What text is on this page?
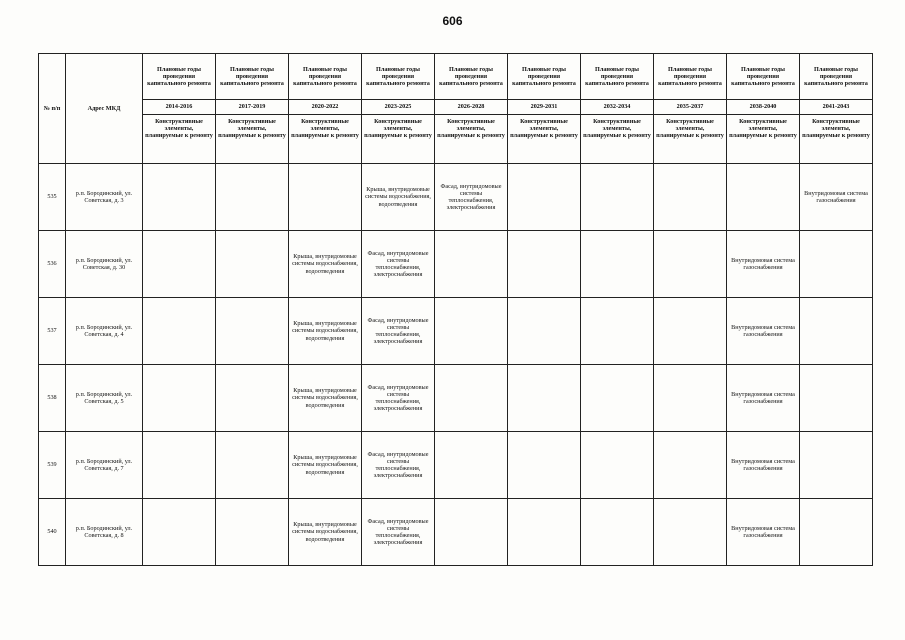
606
№ п/п	Адрес МКД	Плановые годы проведения капитального ремонта	Плановые годы проведения капитального ремонта	Плановые годы проведения капитального ремонта	Плановые годы проведения капитального ремонта	Плановые годы проведения капитального ремонта	Плановые годы проведения капитального ремонта	Плановые годы проведения капитального ремонта	Плановые годы проведения капитального ремонта	Плановые годы проведения капитального ремонта	Плановые годы проведения капитального ремонта
		2014-2016	2017-2019	2020-2022	2023-2025	2026-2028	2029-2031	2032-2034	2035-2037	2038-2040	2041-2043
		Конструктивные элементы, планируемые к ремонту	Конструктивные элементы, планируемые к ремонту	Конструктивные элементы, планируемые к ремонту	Конструктивные элементы, планируемые к ремонту	Конструктивные элементы, планируемые к ремонту	Конструктивные элементы, планируемые к ремонту	Конструктивные элементы, планируемые к ремонту	Конструктивные элементы, планируемые к ремонту	Конструктивные элементы, планируемые к ремонту	Конструктивные элементы, планируемые к ремонту
535	р.п. Бородинский, ул. Советская, д. 3				Крыша, внутридомовые системы водоснабжения, водоотведения	Фасад, внутридомовые системы теплоснабжения, электроснабжения					Внутридомовая система газоснабжения
536	р.п. Бородинский, ул. Советская, д. 30			Крыша, внутридомовые системы водоснабжения, водоотведения	Фасад, внутридомовые системы теплоснабжения, электроснабжения					Внутридомовая система газоснабжения	
537	р.п. Бородинский, ул. Советская, д. 4			Крыша, внутридомовые системы водоснабжения, водоотведения	Фасад, внутридомовые системы теплоснабжения, электроснабжения					Внутридомовая система газоснабжения	
538	р.п. Бородинский, ул. Советская, д. 5			Крыша, внутридомовые системы водоснабжения, водоотведения	Фасад, внутридомовые системы теплоснабжения, электроснабжения					Внутридомовая система газоснабжения	
539	р.п. Бородинский, ул. Советская, д. 7			Крыша, внутридомовые системы водоснабжения, водоотведения	Фасад, внутридомовые системы теплоснабжения, электроснабжения					Внутридомовая система газоснабжения	
540	р.п. Бородинский, ул. Советская, д. 8			Крыша, внутридомовые системы водоснабжения, водоотведения	Фасад, внутридомовые системы теплоснабжения, электроснабжения					Внутридомовая система газоснабжения	
